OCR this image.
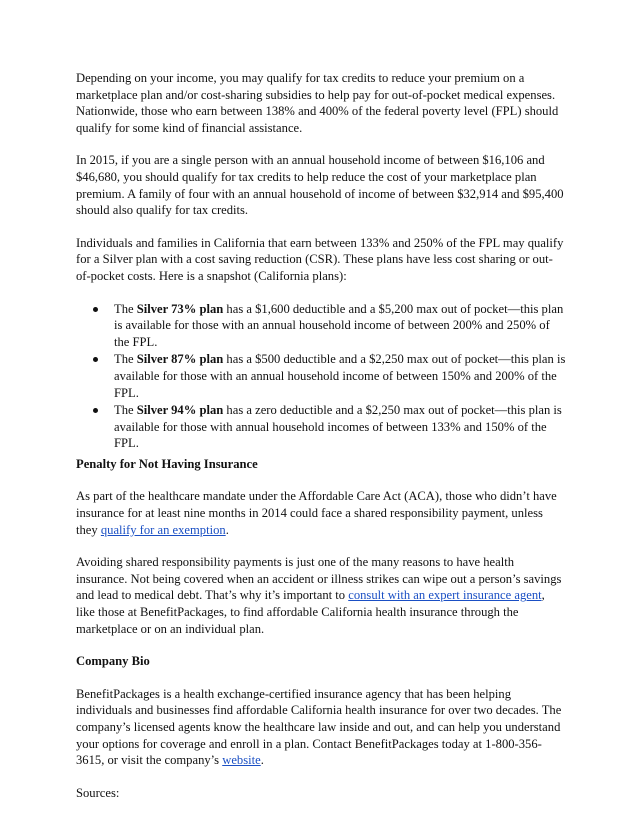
Depending on your income, you may qualify for tax credits to reduce your premium on a marketplace plan and/or cost-sharing subsidies to help pay for out-of-pocket medical expenses. Nationwide, those who earn between 138% and 400% of the federal poverty level (FPL) should qualify for some kind of financial assistance.

In 2015, if you are a single person with an annual household income of between $16,106 and $46,680, you should qualify for tax credits to help reduce the cost of your marketplace plan premium. A family of four with an annual household of income of between $32,914 and $95,400 should also qualify for tax credits.

Individuals and families in California that earn between 133% and 250% of the FPL may qualify for a Silver plan with a cost saving reduction (CSR). These plans have less cost sharing or out-of-pocket costs. Here is a snapshot (California plans):

The Silver 73% plan has a $1,600 deductible and a $5,200 max out of pocket—this plan is available for those with an annual household income of between 200% and 250% of the FPL.
The Silver 87% plan has a $500 deductible and a $2,250 max out of pocket—this plan is available for those with an annual household income of between 150% and 200% of the FPL.
The Silver 94% plan has a zero deductible and a $2,250 max out of pocket—this plan is available for those with annual household incomes of between 133% and 150% of the FPL.
Penalty for Not Having Insurance

As part of the healthcare mandate under the Affordable Care Act (ACA), those who didn’t have insurance for at least nine months in 2014 could face a shared responsibility payment, unless they qualify for an exemption.

Avoiding shared responsibility payments is just one of the many reasons to have health insurance. Not being covered when an accident or illness strikes can wipe out a person’s savings and lead to medical debt. That’s why it’s important to consult with an expert insurance agent, like those at BenefitPackages, to find affordable California health insurance through the marketplace or on an individual plan.

Company Bio

BenefitPackages is a health exchange-certified insurance agency that has been helping individuals and businesses find affordable California health insurance for over two decades. The company’s licensed agents know the healthcare law inside and out, and can help you understand your options for coverage and enroll in a plan. Contact BenefitPackages today at 1-800-356-3615, or visit the company’s website.

Sources:
